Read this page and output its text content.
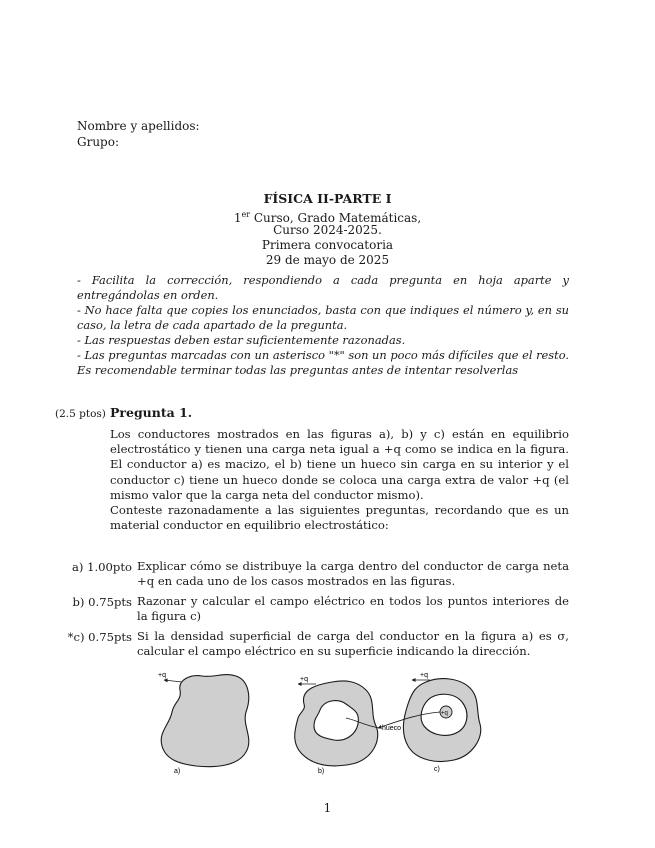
Nombre y apellidos:
Grupo:
FÍSICA II-PARTE I
1er Curso, Grado Matemáticas,
Curso 2024-2025.
Primera convocatoria
29 de mayo de 2025
- Facilita la corrección, respondiendo a cada pregunta en hoja aparte y entregándolas en orden.
- No hace falta que copies los enunciados, basta con que indiques el número y, en su caso, la letra de cada apartado de la pregunta.
- Las respuestas deben estar suficientemente razonadas.
- Las preguntas marcadas con un asterisco "*" son un poco más difíciles que el resto. Es recomendable terminar todas las preguntas antes de intentar resolverlas
(2.5 ptos) Pregunta 1.

Los conductores mostrados en las figuras a), b) y c) están en equilibrio electrostático y tienen una carga neta igual a +q como se indica en la figura. El conductor a) es macizo, el b) tiene un hueco sin carga en su interior y el conductor c) tiene un hueco donde se coloca una carga extra de valor +q (el mismo valor que la carga neta del conductor mismo).

Conteste razonadamente a las siguientes preguntas, recordando que es un material conductor en equilibrio electrostático:

a) 1.00pto Explicar cómo se distribuye la carga dentro del conductor de carga neta +q en cada uno de los casos mostrados en las figuras.
b) 0.75pts Razonar y calcular el campo eléctrico en todos los puntos interiores de la figura c)
*c) 0.75pts Si la densidad superficial de carga del conductor en la figura a) es σ, calcular el campo eléctrico en su superficie indicando la dirección.
+q
a)
+q
hueco
b)
+q
+q
c)
1
